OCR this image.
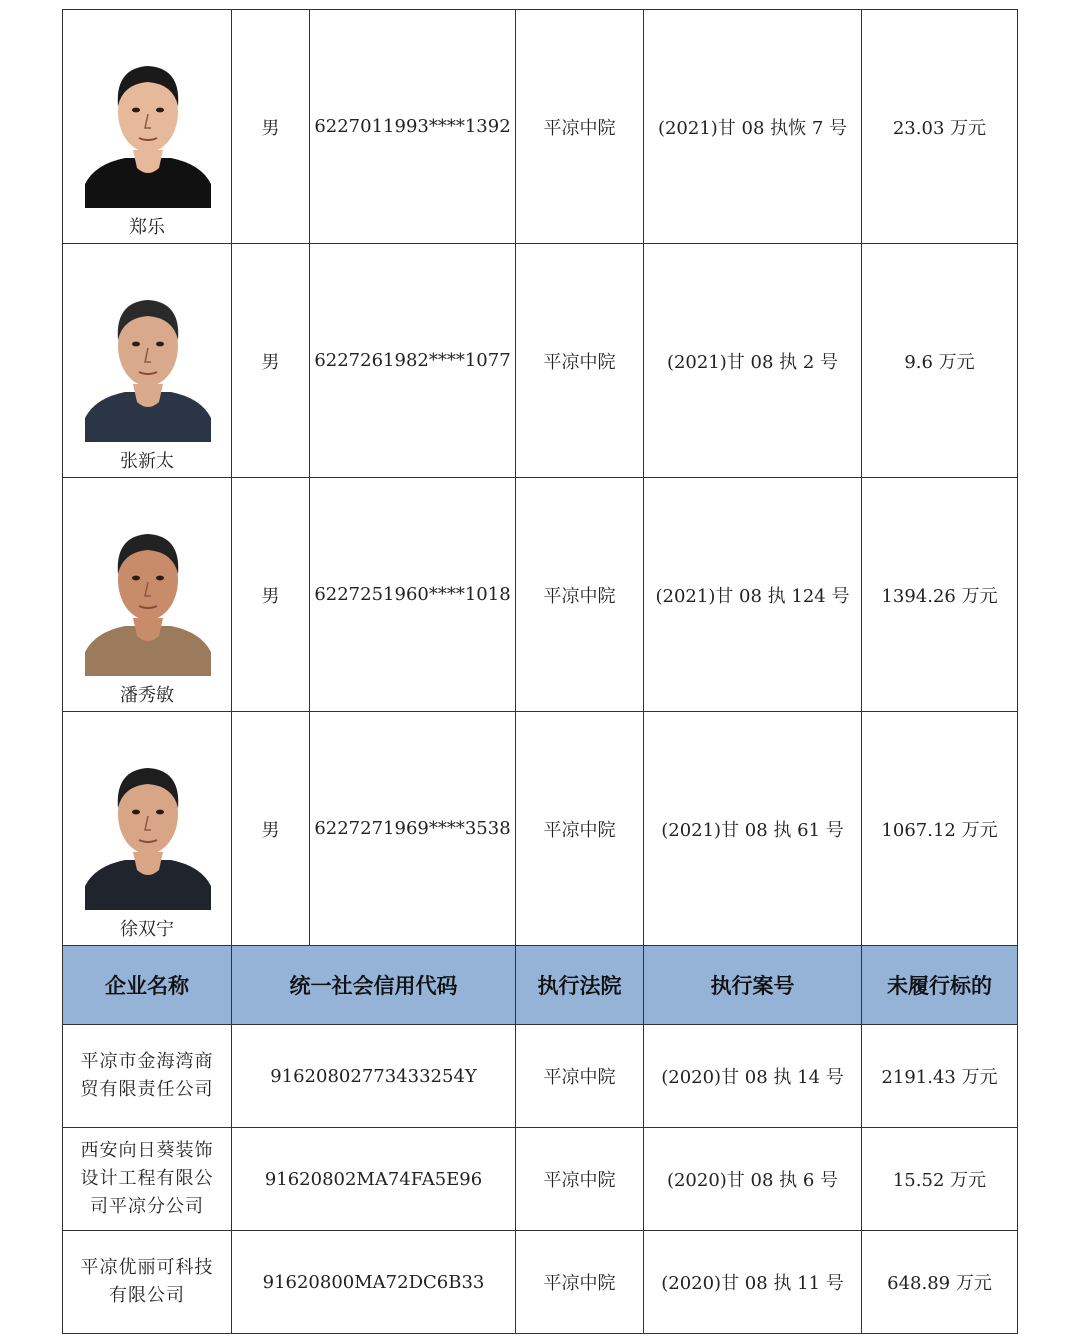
郑乐	男	6227011993****1392	平凉中院	(2021)甘 08 执恢 7 号	23.03 万元

张新太	男	6227261982****1077	平凉中院	(2021)甘 08 执 2 号	9.6 万元

潘秀敏	男	6227251960****1018	平凉中院	(2021)甘 08 执 124 号	1394.26 万元

徐双宁	男	6227271969****3538	平凉中院	(2021)甘 08 执 61 号	1067.12 万元
企业名称	统一社会信用代码		执行法院	执行案号	未履行标的

平凉市金海湾商贸有限责任公司	91620802773433254Y		平凉中院	(2020)甘 08 执 14 号	2191.43 万元

西安向日葵装饰设计工程有限公司平凉分公司	91620802MA74FA5E96		平凉中院	(2020)甘 08 执 6 号	15.52 万元

平凉优丽可科技有限公司	91620800MA72DC6B33		平凉中院	(2020)甘 08 执 11 号	648.89 万元
